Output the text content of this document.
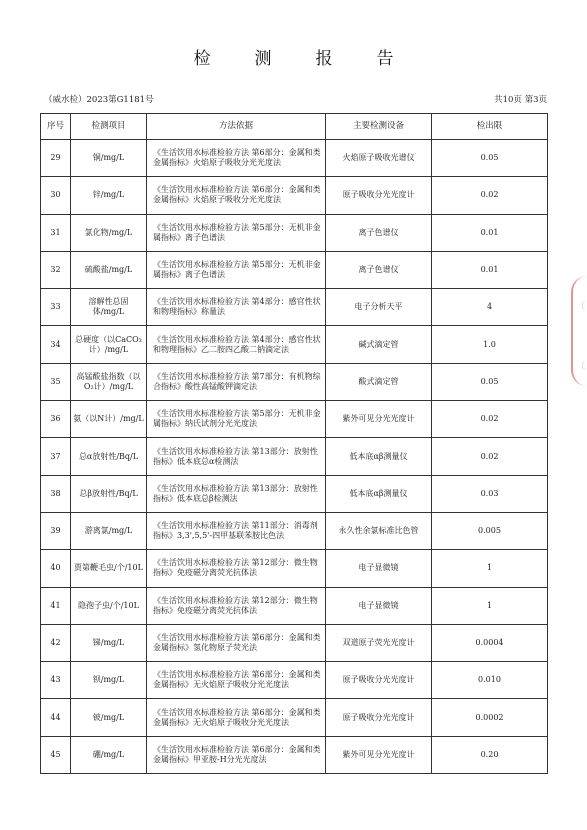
检	测	报	告
（威水检）2023第G1181号	共10页 第3页
序号	检测项目	方法依据	主要检测设备	检出限
29	铜/mg/L	《生活饮用水标准检验方法 第6部分：金属和类金属指标》火焰原子吸收分光光度法	火焰原子吸收光谱仪	0.05
30	锌/mg/L	《生活饮用水标准检验方法 第6部分：金属和类金属指标》火焰原子吸收分光光度法	原子吸收分光光度计	0.02
31	氯化物/mg/L	《生活饮用水标准检验方法 第5部分：无机非金属指标》离子色谱法	离子色谱仪	0.01
32	硫酸盐/mg/L	《生活饮用水标准检验方法 第5部分：无机非金属指标》离子色谱法	离子色谱仪	0.01
33	溶解性总固体/mg/L	《生活饮用水标准检验方法 第4部分：感官性状和物理指标》称量法	电子分析天平	4
34	总硬度（以CaCO₃计）/mg/L	《生活饮用水标准检验方法 第4部分：感官性状和物理指标》乙二胺四乙酸二钠滴定法	碱式滴定管	1.0
35	高锰酸盐指数（以O₂计）/mg/L	《生活饮用水标准检验方法 第7部分：有机物综合指标》酸性高锰酸钾滴定法	酸式滴定管	0.05
36	氨（以N计）/mg/L	《生活饮用水标准检验方法 第5部分：无机非金属指标》纳氏试剂分光光度法	紫外可见分光光度计	0.02
37	总α放射性/Bq/L	《生活饮用水标准检验方法 第13部分：放射性指标》低本底总α检测法	低本底αβ测量仪	0.02
38	总β放射性/Bq/L	《生活饮用水标准检验方法 第13部分：放射性指标》低本底总β检测法	低本底αβ测量仪	0.03
39	游离氯/mg/L	《生活饮用水标准检验方法 第11部分：消毒剂指标》3,3',5,5'-四甲基联苯胺比色法	永久性余氯标准比色管	0.005
40	贾第鞭毛虫/个/10L	《生活饮用水标准检验方法 第12部分：微生物指标》免疫磁分离荧光抗体法	电子显微镜	1
41	隐孢子虫/个/10L	《生活饮用水标准检验方法 第12部分：微生物指标》免疫磁分离荧光抗体法	电子显微镜	1
42	锑/mg/L	《生活饮用水标准检验方法 第6部分：金属和类金属指标》氢化物原子荧光法	双道原子荧光光度计	0.0004
43	钡/mg/L	《生活饮用水标准检验方法 第6部分：金属和类金属指标》无火焰原子吸收分光光度法	原子吸收分光光度计	0.010
44	铍/mg/L	《生活饮用水标准检验方法 第6部分：金属和类金属指标》无火焰原子吸收分光光度法	原子吸收分光光度计	0.0002
45	硼/mg/L	《生活饮用水标准检验方法 第6部分：金属和类金属指标》甲亚胺-H分光光度法	紫外可见分光光度计	0.20
〔
〔
